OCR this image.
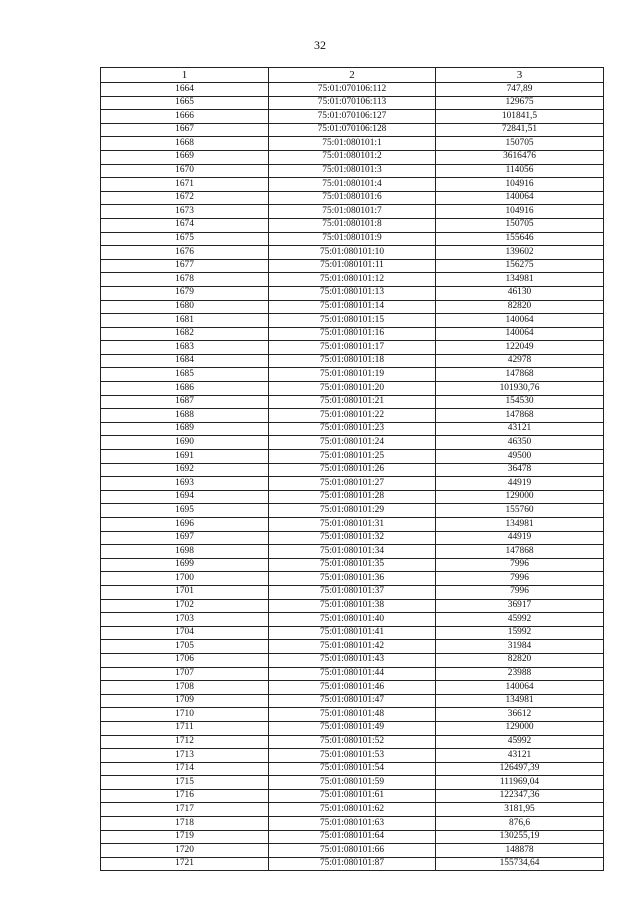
32
1	2	3
1664	75:01:070106:112	747,89
1665	75:01:070106:113	129675
1666	75:01:070106:127	101841,5
1667	75:01:070106:128	72841,51
1668	75:01:080101:1	150705
1669	75:01:080101:2	3616476
1670	75:01:080101:3	114056
1671	75:01:080101:4	104916
1672	75:01:080101:6	140064
1673	75:01:080101:7	104916
1674	75:01:080101:8	150705
1675	75:01:080101:9	155646
1676	75:01:080101:10	139602
1677	75:01:080101:11	156275
1678	75:01:080101:12	134981
1679	75:01:080101:13	46130
1680	75:01:080101:14	82820
1681	75:01:080101:15	140064
1682	75:01:080101:16	140064
1683	75:01:080101:17	122049
1684	75:01:080101:18	42978
1685	75:01:080101:19	147868
1686	75:01:080101:20	101930,76
1687	75:01:080101:21	154530
1688	75:01:080101:22	147868
1689	75:01:080101:23	43121
1690	75:01:080101:24	46350
1691	75:01:080101:25	49500
1692	75:01:080101:26	36478
1693	75:01:080101:27	44919
1694	75:01:080101:28	129000
1695	75:01:080101:29	155760
1696	75:01:080101:31	134981
1697	75:01:080101:32	44919
1698	75:01:080101:34	147868
1699	75:01:080101:35	7996
1700	75:01:080101:36	7996
1701	75:01:080101:37	7996
1702	75:01:080101:38	36917
1703	75:01:080101:40	45992
1704	75:01:080101:41	15992
1705	75:01:080101:42	31984
1706	75:01:080101:43	82820
1707	75:01:080101:44	23988
1708	75:01:080101:46	140064
1709	75:01:080101:47	134981
1710	75:01:080101:48	36612
1711	75:01:080101:49	129000
1712	75:01:080101:52	45992
1713	75:01:080101:53	43121
1714	75:01:080101:54	126497,39
1715	75:01:080101:59	111969,04
1716	75:01:080101:61	122347,36
1717	75:01:080101:62	3181,95
1718	75:01:080101:63	876,6
1719	75:01:080101:64	130255,19
1720	75:01:080101:66	148878
1721	75:01:080101:87	155734,64
